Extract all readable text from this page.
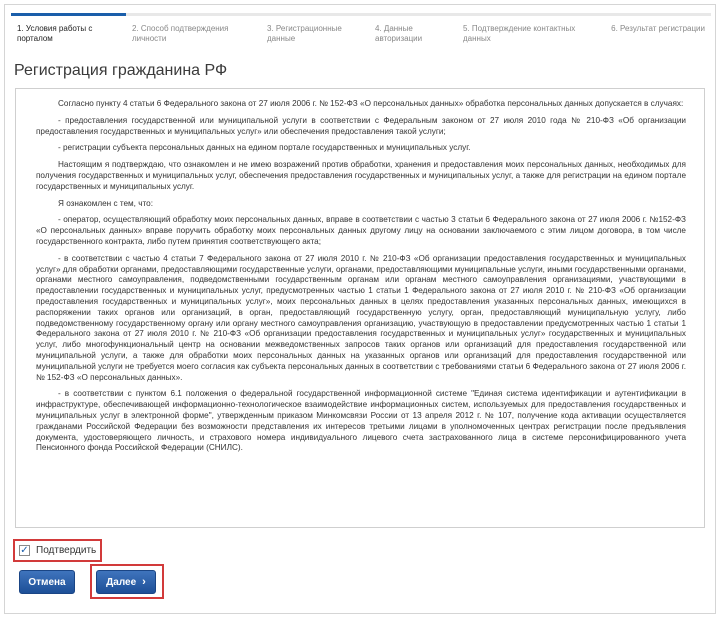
1. Условия работы с порталом
2. Способ подтверждения личности
3. Регистрационные данные
4. Данные авторизации
5. Подтверждение контактных данных
6. Результат регистрации
Регистрация гражданина РФ

Согласно пункту 4 статьи 6 Федерального закона от 27 июля 2006 г. № 152-ФЗ «О персональных данных» обработка персональных данных допускается в случаях:

- предоставления государственной или муниципальной услуги в соответствии с Федеральным законом от 27 июля 2010 года № 210-ФЗ «Об организации предоставления государственных и муниципальных услуг» или обеспечения предоставления такой услуги;

- регистрации субъекта персональных данных на едином портале государственных и муниципальных услуг.

Настоящим я подтверждаю, что ознакомлен и не имею возражений против обработки, хранения и предоставления моих персональных данных, необходимых для получения государственных и муниципальных услуг, обеспечения предоставления государственных и муниципальных услуг, а также для регистрации на едином портале государственных и муниципальных услуг.

Я ознакомлен с тем, что:

- оператор, осуществляющий обработку моих персональных данных, вправе в соответствии с частью 3 статьи 6 Федерального закона от 27 июля 2006 г. №152-ФЗ «О персональных данных» вправе поручить обработку моих персональных данных другому лицу на основании заключаемого с этим лицом договора, в том числе государственного контракта, либо путем принятия соответствующего акта;

- в соответствии с частью 4 статьи 7 Федерального закона от 27 июля 2010 г. № 210-ФЗ «Об организации предоставления государственных и муниципальных услуг» для обработки органами, предоставляющими государственные услуги, органами, предоставляющими муниципальные услуги, иными государственными органами, органами местного самоуправления, подведомственными государственным органам или органам местного самоуправления организациями, участвующими в предоставлении государственных и муниципальных услуг, предусмотренных частью 1 статьи 1 Федерального закона от 27 июля 2010 г. № 210-ФЗ «Об организации предоставления государственных и муниципальных услуг», моих персональных данных в целях предоставления указанных персональных данных, имеющихся в распоряжении таких органов или организаций, в орган, предоставляющий государственную услугу, орган, предоставляющий муниципальную услугу, либо подведомственному государственному органу или органу местного самоуправления организацию, участвующую в предоставлении предусмотренных частью 1 статьи 1 Федерального закона от 27 июля 2010 г. № 210-ФЗ «Об организации предоставления государственных и муниципальных услуг» государственных и муниципальных услуг, либо многофункциональный центр на основании межведомственных запросов таких органов или организаций для предоставления государственной или муниципальной услуги, а также для обработки моих персональных данных на указанных органов или организаций для предоставления государственной или муниципальной услуги не требуется моего согласия как субъекта персональных данных в соответствии с требованиями статьи 6 Федерального закона от 27 июля 2006 г. № 152-ФЗ «О персональных данных».

- в соответствии с пунктом 6.1 положения о федеральной государственной информационной системе "Единая система идентификации и аутентификации в инфраструктуре, обеспечивающей информационно-технологическое взаимодействие информационных систем, используемых для предоставления государственных и муниципальных услуг в электронной форме", утвержденным приказом Минкомсвязи России от 13 апреля 2012 г. № 107, получение кода активации осуществляется гражданами Российской Федерации без возможности представления их интересов третьими лицами в уполномоченных центрах регистрации после предъявления документа, удостоверяющего личность, и страхового номера индивидуального лицевого счета застрахованного лица в системе персонифицированного учета Пенсионного фонда Российской Федерации (СНИЛС).

✓ Подтвердить
Отмена	Далее ›
